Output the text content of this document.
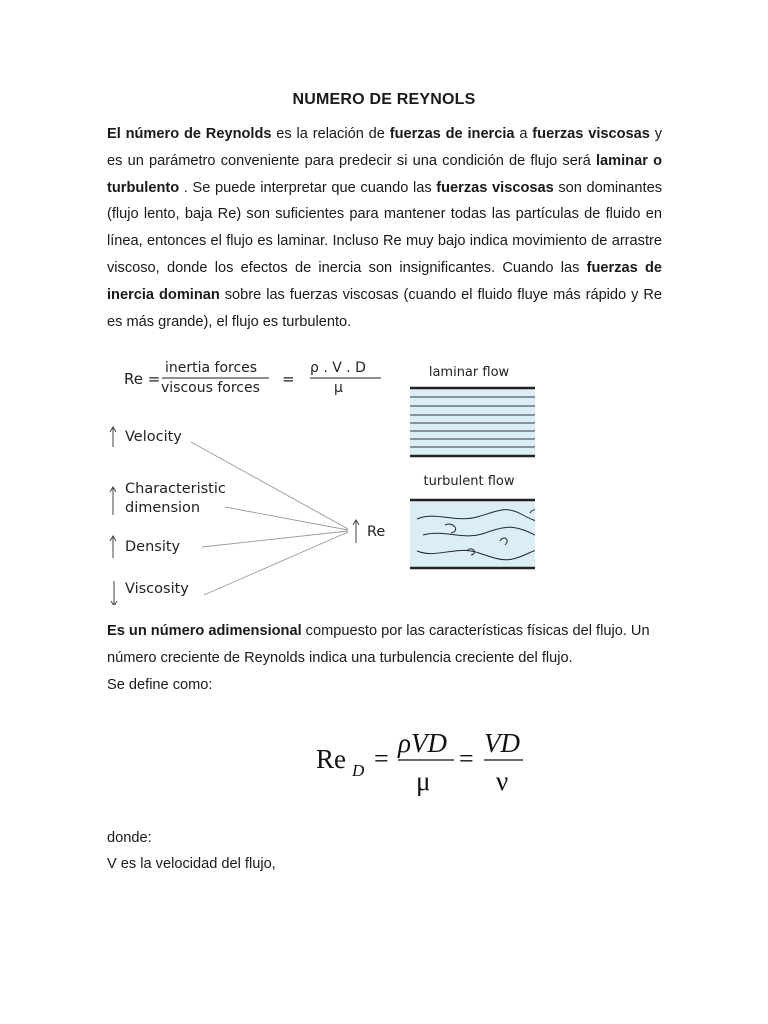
NUMERO DE REYNOLS

El número de Reynolds es la relación de fuerzas de inercia a fuerzas viscosas y es un parámetro conveniente para predecir si una condición de flujo será laminar o turbulento . Se puede interpretar que cuando las fuerzas viscosas son dominantes (flujo lento, baja Re) son suficientes para mantener todas las partículas de fluido en línea, entonces el flujo es laminar. Incluso Re muy bajo indica movimiento de arrastre viscoso, donde los efectos de inercia son insignificantes. Cuando las fuerzas de inercia dominan sobre las fuerzas viscosas (cuando el fluido fluye más rápido y Re es más grande), el flujo es turbulento.

Re =
inertia forces
viscous forces =
ρ . V . D
μ
Velocity
Characteristic
dimension
Density
Viscosity
Re
laminar flow
turbulent flow

Es un número adimensional compuesto por las características físicas del flujo. Un número creciente de Reynolds indica una turbulencia creciente del flujo.

Se define como:

Re D =
ρVD
μ
=
VD
ν

donde:

V es la velocidad del flujo,
